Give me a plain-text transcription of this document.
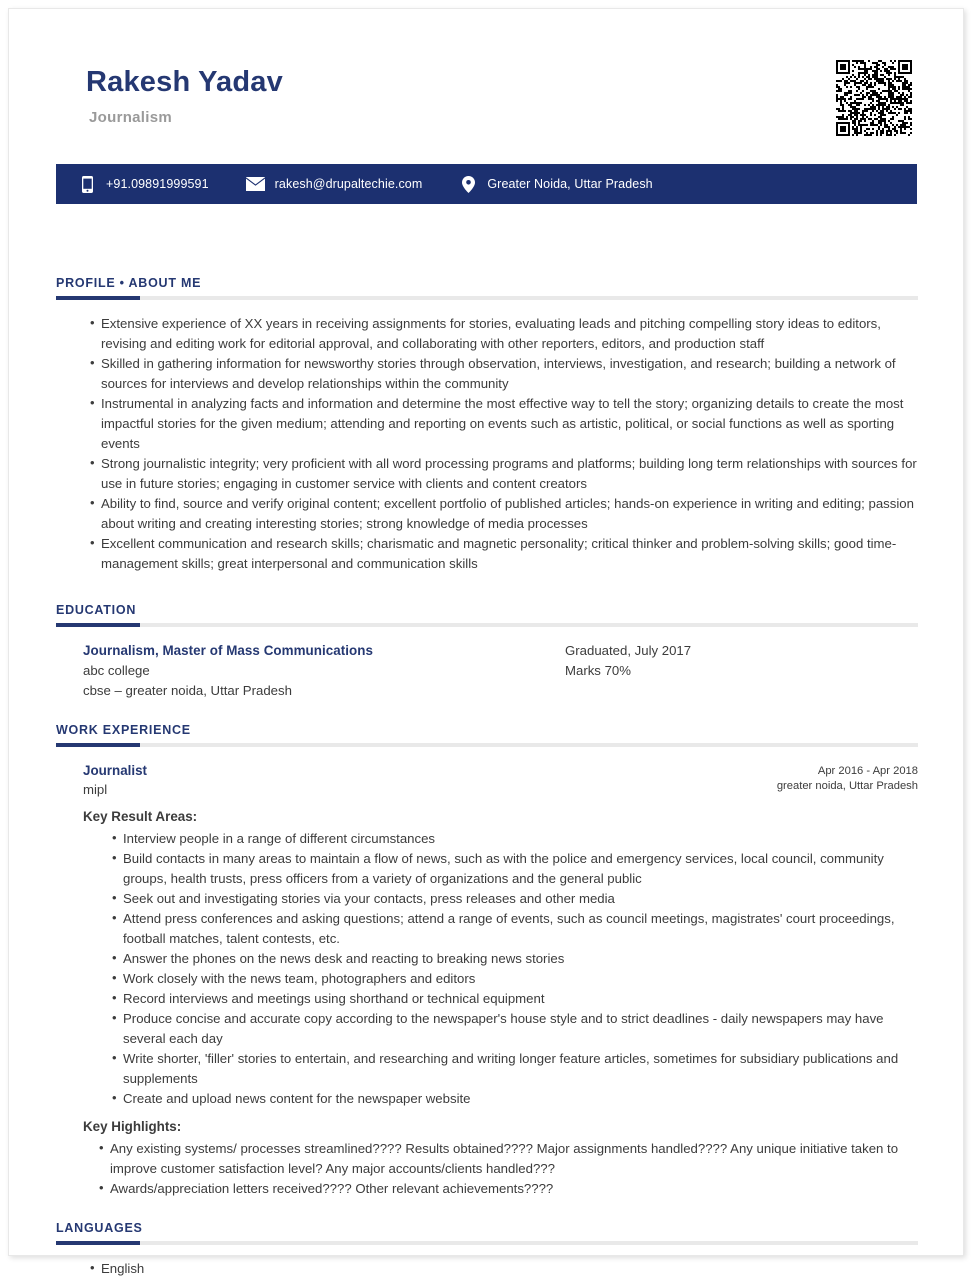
Rakesh Yadav
Journalism
+91.09891999591	rakesh@drupaltechie.com	Greater Noida, Uttar Pradesh
PROFILE • ABOUT ME
• Extensive experience of XX years in receiving assignments for stories, evaluating leads and pitching compelling story ideas to editors, revising and editing work for editorial approval, and collaborating with other reporters, editors, and production staff
• Skilled in gathering information for newsworthy stories through observation, interviews, investigation, and research; building a network of sources for interviews and develop relationships within the community
• Instrumental in analyzing facts and information and determine the most effective way to tell the story; organizing details to create the most impactful stories for the given medium; attending and reporting on events such as artistic, political, or social functions as well as sporting events
• Strong journalistic integrity; very proficient with all word processing programs and platforms; building long term relationships with sources for use in future stories; engaging in customer service with clients and content creators
• Ability to find, source and verify original content; excellent portfolio of published articles; hands-on experience in writing and editing; passion about writing and creating interesting stories; strong knowledge of media processes
• Excellent communication and research skills; charismatic and magnetic personality; critical thinker and problem-solving skills; good time-management skills; great interpersonal and communication skills
EDUCATION
Journalism, Master of Mass Communications
abc college
cbse – greater noida, Uttar Pradesh
Graduated, July 2017
Marks 70%
WORK EXPERIENCE
Journalist
mipl
Apr 2016 - Apr 2018
greater noida, Uttar Pradesh
Key Result Areas:
• Interview people in a range of different circumstances
• Build contacts in many areas to maintain a flow of news, such as with the police and emergency services, local council, community groups, health trusts, press officers from a variety of organizations and the general public
• Seek out and investigating stories via your contacts, press releases and other media
• Attend press conferences and asking questions; attend a range of events, such as council meetings, magistrates' court proceedings, football matches, talent contests, etc.
• Answer the phones on the news desk and reacting to breaking news stories
• Work closely with the news team, photographers and editors
• Record interviews and meetings using shorthand or technical equipment
• Produce concise and accurate copy according to the newspaper's house style and to strict deadlines - daily newspapers may have several each day
• Write shorter, 'filler' stories to entertain, and researching and writing longer feature articles, sometimes for subsidiary publications and supplements
• Create and upload news content for the newspaper website
Key Highlights:
• Any existing systems/ processes streamlined???? Results obtained???? Major assignments handled???? Any unique initiative taken to improve customer satisfaction level? Any major accounts/clients handled???
• Awards/appreciation letters received???? Other relevant achievements????
LANGUAGES
• English
